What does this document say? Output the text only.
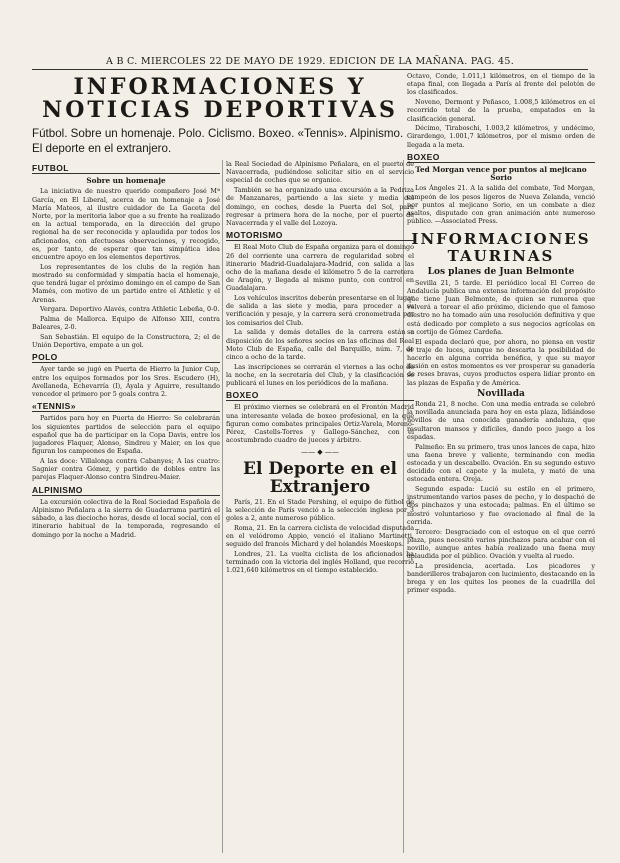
A B C. MIERCOLES 22 DE MAYO DE 1929. EDICION DE LA MAÑANA. PAG. 45.
INFORMACIONES Y NOTICIAS DEPORTIVAS
Fútbol. Sobre un homenaje. Polo. Ciclismo. Boxeo. «Tennis». Alpinismo. El deporte en el extranjero.
FUTBOL
Sobre un homenaje

La iniciativa de nuestro querido compañero José Mª García, en El Liberal, acerca de un homenaje a José María Mateos, al ilustre cuidador de La Gaceta del Norte, por la meritoria labor que a su frente ha realizado en la actual temporada, en la dirección del grupo regional ha de ser reconocida y aplaudida por todos los aficionados, con afectuosas observaciones, y recogido, es, por tanto, de esperar que tan simpática idea encuentre apoyo en los elementos deportivos.

Los representantes de los clubs de la región han mostrado su conformidad y simpatía hacia el homenaje, que tendrá lugar el próximo domingo en el campo de San Mamés, con motivo de un partido entre el Athletic y el Arenas.

Vergara. Deportivo Alavés, contra Athletic Lebeña, 0-0.

Palma de Mallorca. Equipo de Alfonso XIII, contra Baleares, 2-0.

San Sebastián. El equipo de la Constructora, 2; el de Unión Deportiva, empate a un gol.

POLO

Ayer tarde se jugó en Puerta de Hierro la Junior Cup, entre los equipos formados por los Sres. Escudero (H), Avellaneda, Echevarría (I), Ayala y Aguirre, resultando vencedor el primero por 5 goals contra 2.

«TENNIS»

Partidos para hoy en Puerta de Hierro: Se celebrarán los siguientes partidos de selección para el equipo español que ha de participar en la Copa Davis, entre los jugadores Flaquer, Alonso, Sindreu y Maier, en los que figuran los campeones de España.

A las doce: Villalonga contra Cabanyes; A las cuatro: Sagnier contra Gómez, y partido de dobles entre las parejas Flaquer-Alonso contra Sindreu-Maier.

ALPINISMO

La excursión colectiva de la Real Sociedad Española de Alpinismo Peñalara a la sierra de Guadarrama partirá el sábado, a las dieciocho horas, desde el local social, con el itinerario habitual de la temporada, regresando el domingo por la noche a Madrid.

la Real Sociedad de Alpinismo Peñalara, en el puerto de Navacerrada, pudiéndose solicitar sitio en el servicio especial de coches que se organice.

También se ha organizado una excursión a la Pedriza de Manzanares, partiendo a las siete y media del domingo, en coches, desde la Puerta del Sol, para regresar a primera hora de la noche, por el puerto de Navacerrada y el valle del Lozoya.

MOTORISMO

El Real Moto Club de España organiza para el domingo 26 del corriente una carrera de regularidad sobre el itinerario Madrid-Guadalajara-Madrid, con salida a las ocho de la mañana desde el kilómetro 5 de la carretera de Aragón, y llegada al mismo punto, con control en Guadalajara.

Los vehículos inscritos deberán presentarse en el lugar de salida a las siete y media, para proceder a su verificación y pesaje, y la carrera será cronometrada por los comisarios del Club.

La salida y demás detalles de la carrera están a disposición de los señores socios en las oficinas del Real Moto Club de España, calle del Barquillo, núm. 7, de cinco a ocho de la tarde.

Las inscripciones se cerrarán el viernes a las ocho de la noche, en la secretaría del Club, y la clasificación se publicará el lunes en los periódicos de la mañana.

BOXEO

El próximo viernes se celebrará en el Frontón Madrid una interesante velada de boxeo profesional, en la que figuran como combates principales Ortiz-Varela, Moreno-Pérez, Castells-Torres y Gallego-Sánchez, con el acostumbrado cuadro de jueces y árbitro.

—— ◆ ——
El Deporte en el Extranjero

París, 21. En el Stade Pershing, el equipo de fútbol de la selección de París venció a la selección inglesa por 3 goles a 2, ante numeroso público.

Roma, 21. En la carrera ciclista de velocidad disputada en el velódromo Appio, venció el italiano Martinetti, seguido del francés Michard y del holandés Moeskops.

Londres, 21. La vuelta ciclista de los aficionados ha terminado con la victoria del inglés Holland, que recorrió 1.021,640 kilómetros en el tiempo establecido.

Octavo, Conde, 1.011,1 kilómetros, en el tiempo de la etapa final, con llegada a París al frente del pelotón de los clasificados.

Noveno, Dermont y Peñasco, 1.008,5 kilómetros en el recorrido total de la prueba, empatados en la clasificación general.

Décimo, Tiraboschi, 1.003,2 kilómetros, y undécimo, Girardengo, 1.001,7 kilómetros, por el mismo orden de llegada a la meta.

BOXEO
Ted Morgan vence por puntos al mejicano Sorio

Los Ángeles 21. A la salida del combate, Ted Morgan, campeón de los pesos ligeros de Nueva Zelanda, venció por puntos al mejicano Sorio, en un combate a diez asaltos, disputado con gran animación ante numeroso público. —Associated Press.

INFORMACIONES TAURINAS
Los planes de Juan Belmonte

Sevilla 21, 5 tarde. El periódico local El Correo de Andalucía publica una extensa información del propósito que tiene Juan Belmonte, de quien se rumorea que volverá a torear el año próximo, diciendo que el famoso diestro no ha tomado aún una resolución definitiva y que está dedicado por completo a sus negocios agrícolas en su cortijo de Gómez Cardeña.

El espada declaró que, por ahora, no piensa en vestir el traje de luces, aunque no descarta la posibilidad de hacerlo en alguna corrida benéfica, y que su mayor ilusión en estos momentos es ver prosperar su ganadería de reses bravas, cuyos productos espera lidiar pronto en las plazas de España y de América.

Novillada

Ronda 21, 8 noche. Con una media entrada se celebró la novillada anunciada para hoy en esta plaza, lidiándose novillos de una conocida ganadería andaluza, que resultaron mansos y difíciles, dando poco juego a los espadas.

Palmeño: En su primero, tras unos lances de capa, hizo una faena breve y valiente, terminando con media estocada y un descabello. Ovación. En su segundo estuvo decidido con el capote y la muleta, y mató de una estocada entera. Oreja.

Segundo espada: Lució su estilo en el primero, instrumentando varios pases de pecho, y lo despachó de dos pinchazos y una estocada; palmas. En el último se mostró voluntarioso y fue ovacionado al final de la corrida.

Tercero: Desgraciado con el estoque en el que cerró plaza, pues necesitó varios pinchazos para acabar con el novillo, aunque antes había realizado una faena muy aplaudida por el público. Ovación y vuelta al ruedo.

La presidencia, acertada. Los picadores y banderilleros trabajaron con lucimiento, destacando en la brega y en los quites los peones de la cuadrilla del primer espada.
